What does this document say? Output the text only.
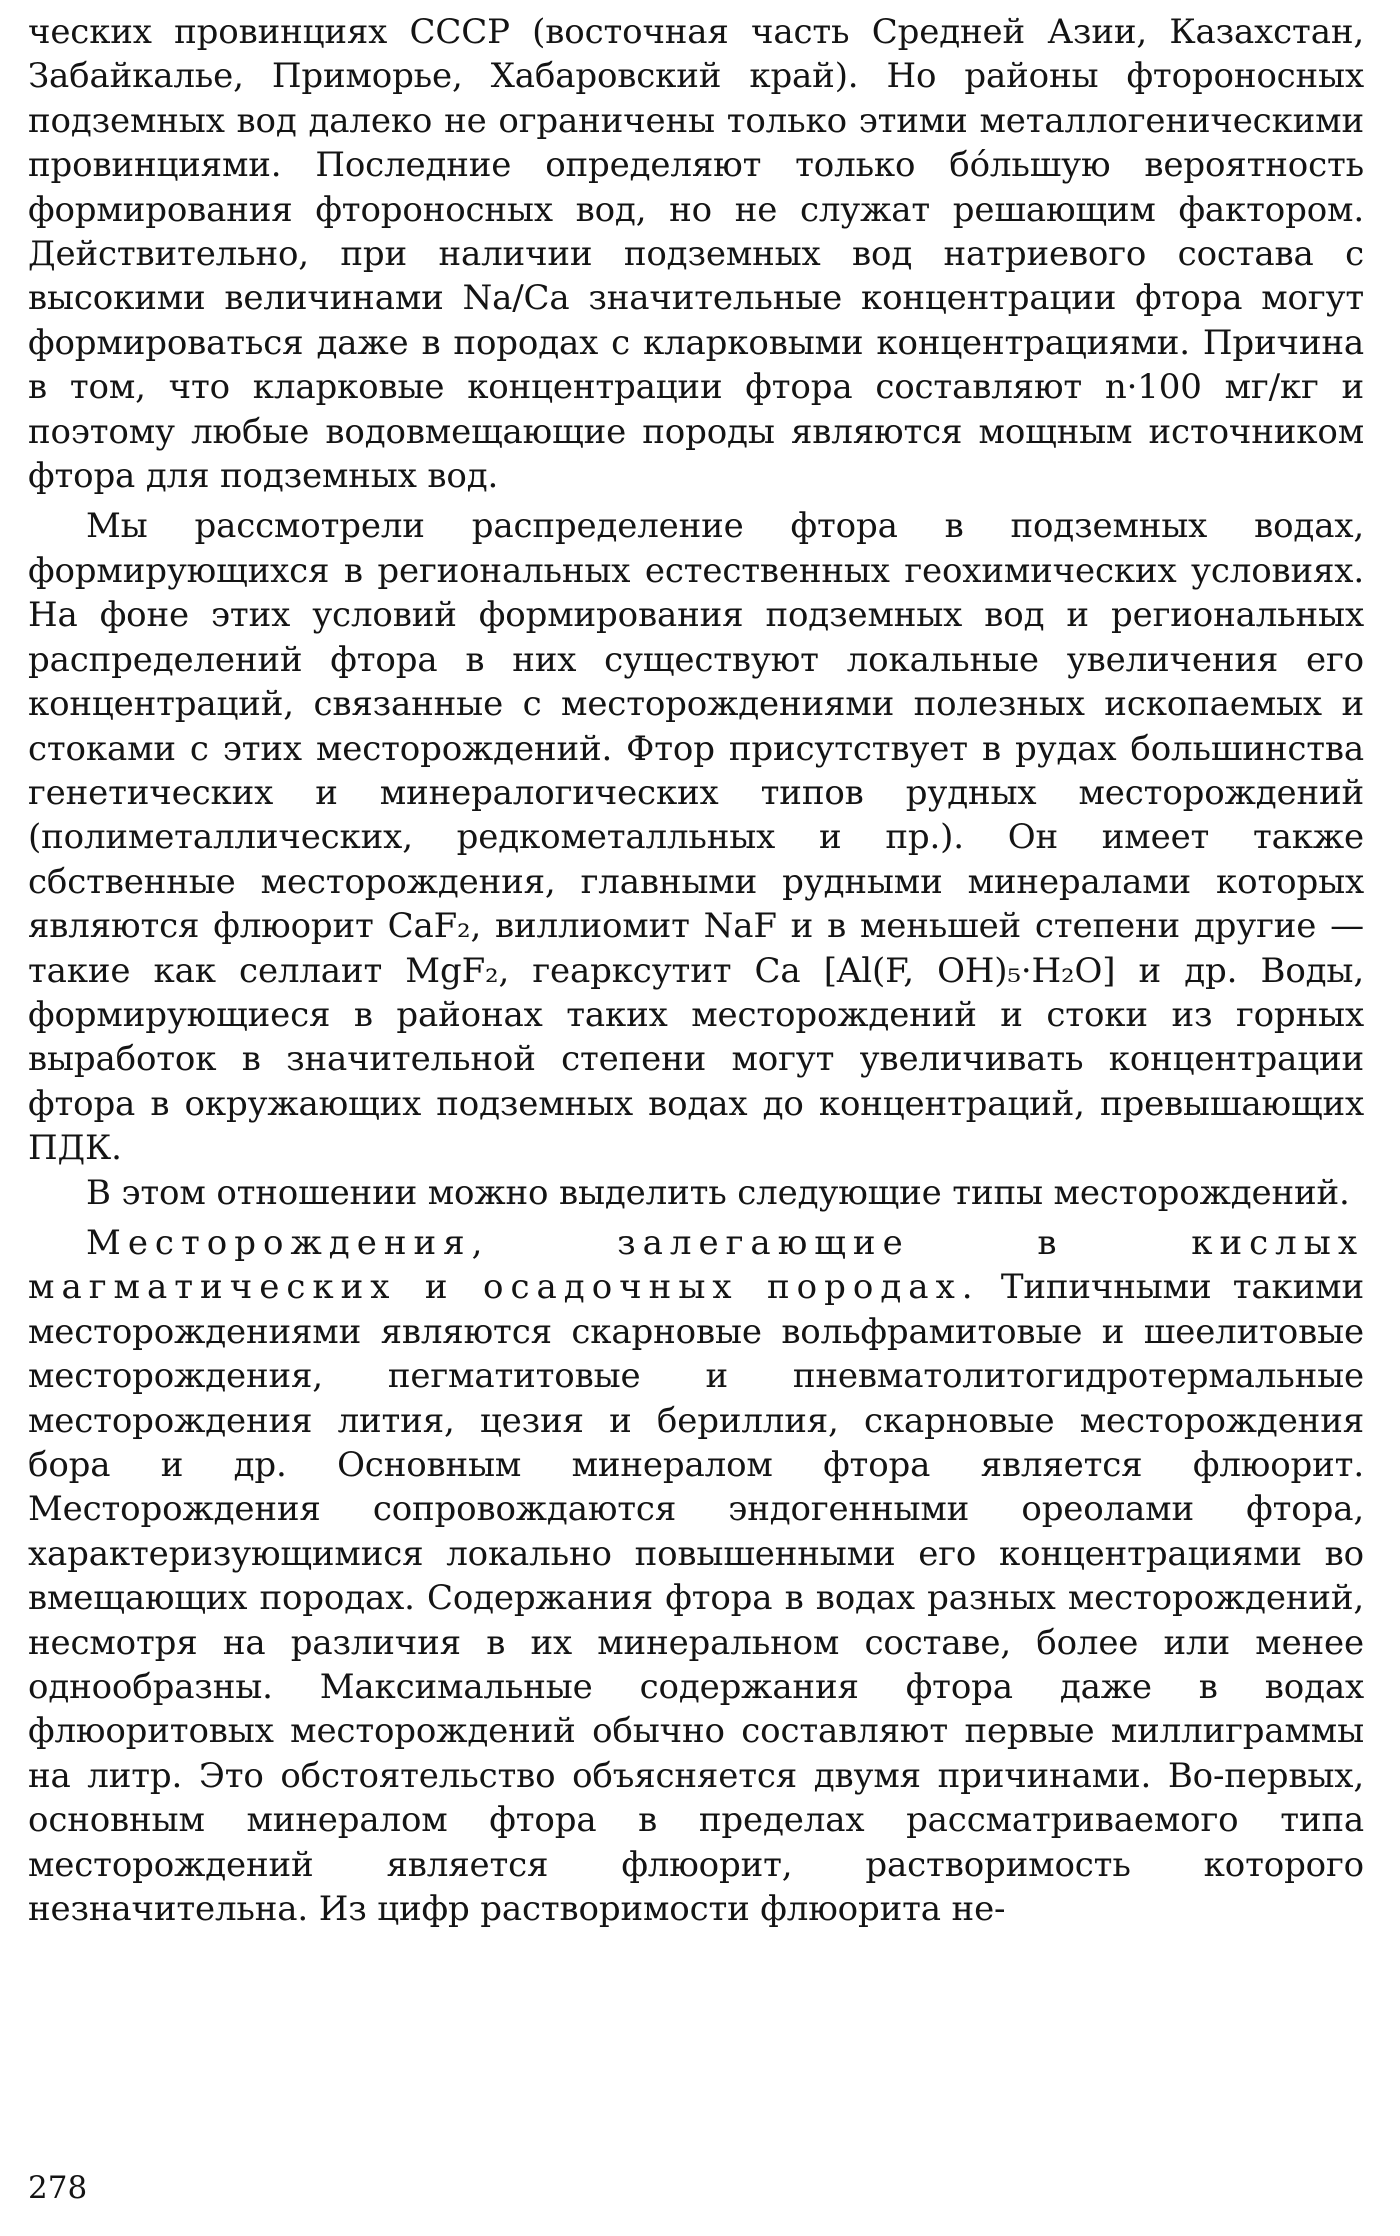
ческих провинциях СССР (восточная часть Средней Азии, Казахстан, Забайкалье, Приморье, Хабаровский край). Но районы фтороносных подземных вод далеко не ограничены только этими металлогеническими провинциями. Последние определяют только бóльшую вероятность формирования фтороносных вод, но не служат решающим фактором. Действительно, при наличии подземных вод натриевого состава с высокими величинами Na/Ca значительные концентрации фтора могут формироваться даже в породах с кларковыми концентрациями. Причина в том, что кларковые концентрации фтора составляют n·100 мг/кг и поэтому любые водовмещающие породы являются мощным источником фтора для подземных вод.

Мы рассмотрели распределение фтора в подземных водах, формирующихся в региональных естественных геохимических условиях. На фоне этих условий формирования подземных вод и региональных распределений фтора в них существуют локальные увеличения его концентраций, связанные с месторождениями полезных ископаемых и стоками с этих месторождений. Фтор присутствует в рудах большинства генетических и минералогических типов рудных месторождений (полиметаллических, редкометалльных и пр.). Он имеет также сбственные месторождения, главными рудными минералами которых являются флюорит CaF₂, виллиомит NaF и в меньшей степени другие — такие как селлаит MgF₂, геарксутит Ca [Al(F, OH)₅·H₂O] и др. Воды, формирующиеся в районах таких месторождений и стоки из горных выработок в значительной степени могут увеличивать концентрации фтора в окружающих подземных водах до концентраций, превышающих ПДК.

В этом отношении можно выделить следующие типы месторождений.

Месторождения, залегающие в кислых магматических и осадочных породах. Типичными такими месторождениями являются скарновые вольфрамитовые и шеелитовые месторождения, пегматитовые и пневматолитогидротермальные месторождения лития, цезия и бериллия, скарновые месторождения бора и др. Основным минералом фтора является флюорит. Месторождения сопровождаются эндогенными ореолами фтора, характеризующимися локально повышенными его концентрациями во вмещающих породах. Содержания фтора в водах разных месторождений, несмотря на различия в их минеральном составе, более или менее однообразны. Максимальные содержания фтора даже в водах флюоритовых месторождений обычно составляют первые миллиграммы на литр. Это обстоятельство объясняется двумя причинами. Во-первых, основным минералом фтора в пределах рассматриваемого типа месторождений является флюорит, растворимость которого незначительна. Из цифр растворимости флюорита не-

278
